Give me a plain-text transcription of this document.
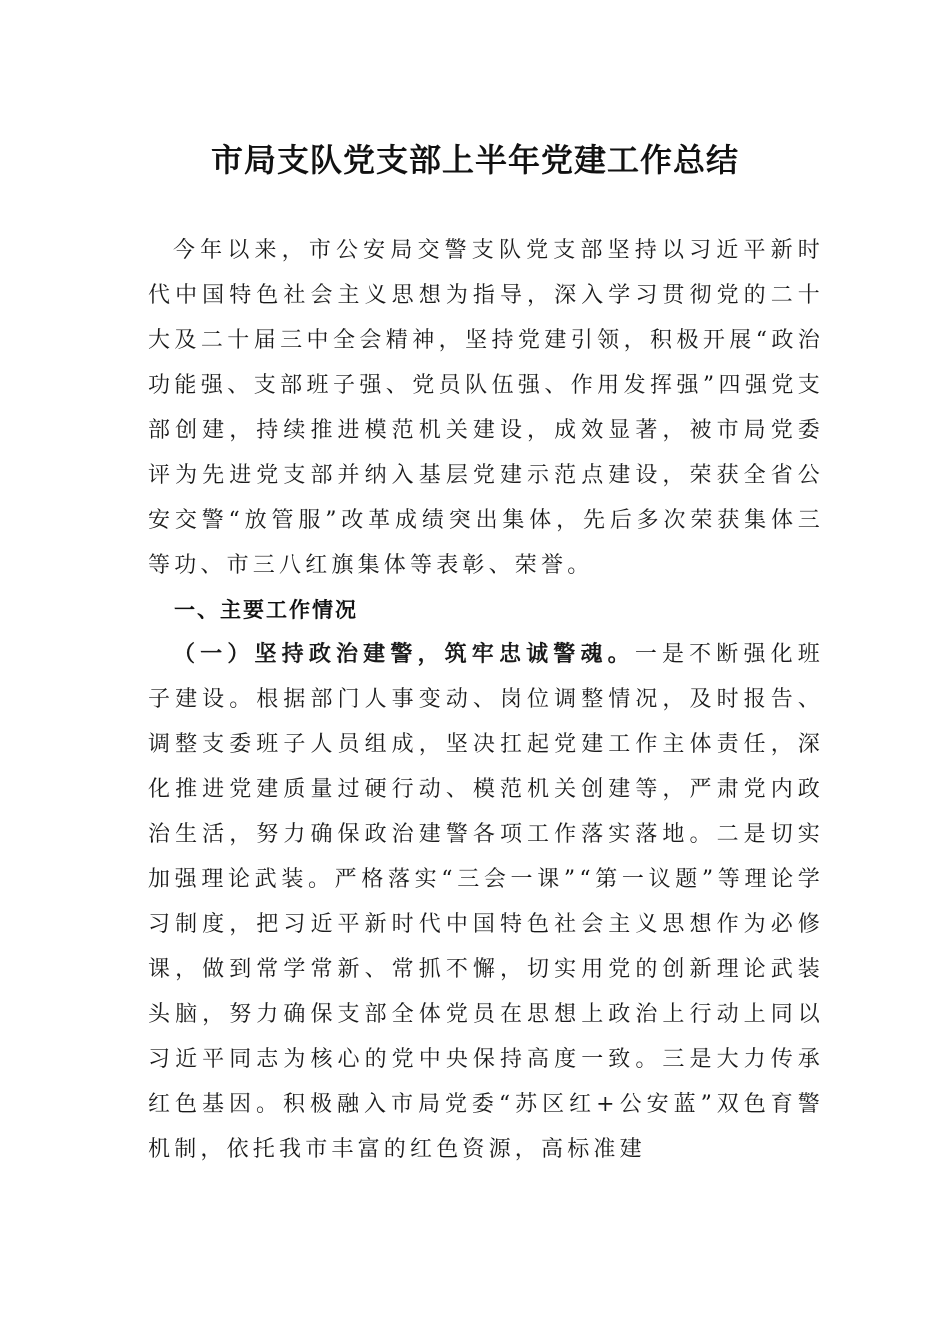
市局支队党支部上半年党建工作总结
今年以来，市公安局交警支队党支部坚持以习近平新时代中国特色社会主义思想为指导，深入学习贯彻党的二十大及二十届三中全会精神，坚持党建引领，积极开展“政治功能强、支部班子强、党员队伍强、作用发挥强”四强党支部创建，持续推进模范机关建设，成效显著，被市局党委评为先进党支部并纳入基层党建示范点建设，荣获全省公安交警“放管服”改革成绩突出集体，先后多次荣获集体三等功、市三八红旗集体等表彰、荣誉。
一、主要工作情况
（一）坚持政治建警，筑牢忠诚警魂。一是不断强化班子建设。根据部门人事变动、岗位调整情况，及时报告、调整支委班子人员组成，坚决扛起党建工作主体责任，深化推进党建质量过硬行动、模范机关创建等，严肃党内政治生活，努力确保政治建警各项工作落实落地。二是切实加强理论武装。严格落实“三会一课”“第一议题”等理论学习制度，把习近平新时代中国特色社会主义思想作为必修课，做到常学常新、常抓不懈，切实用党的创新理论武装头脑，努力确保支部全体党员在思想上政治上行动上同以习近平同志为核心的党中央保持高度一致。三是大力传承红色基因。积极融入市局党委“苏区红+公安蓝”双色育警机制，依托我市丰富的红色资源，高标准建
